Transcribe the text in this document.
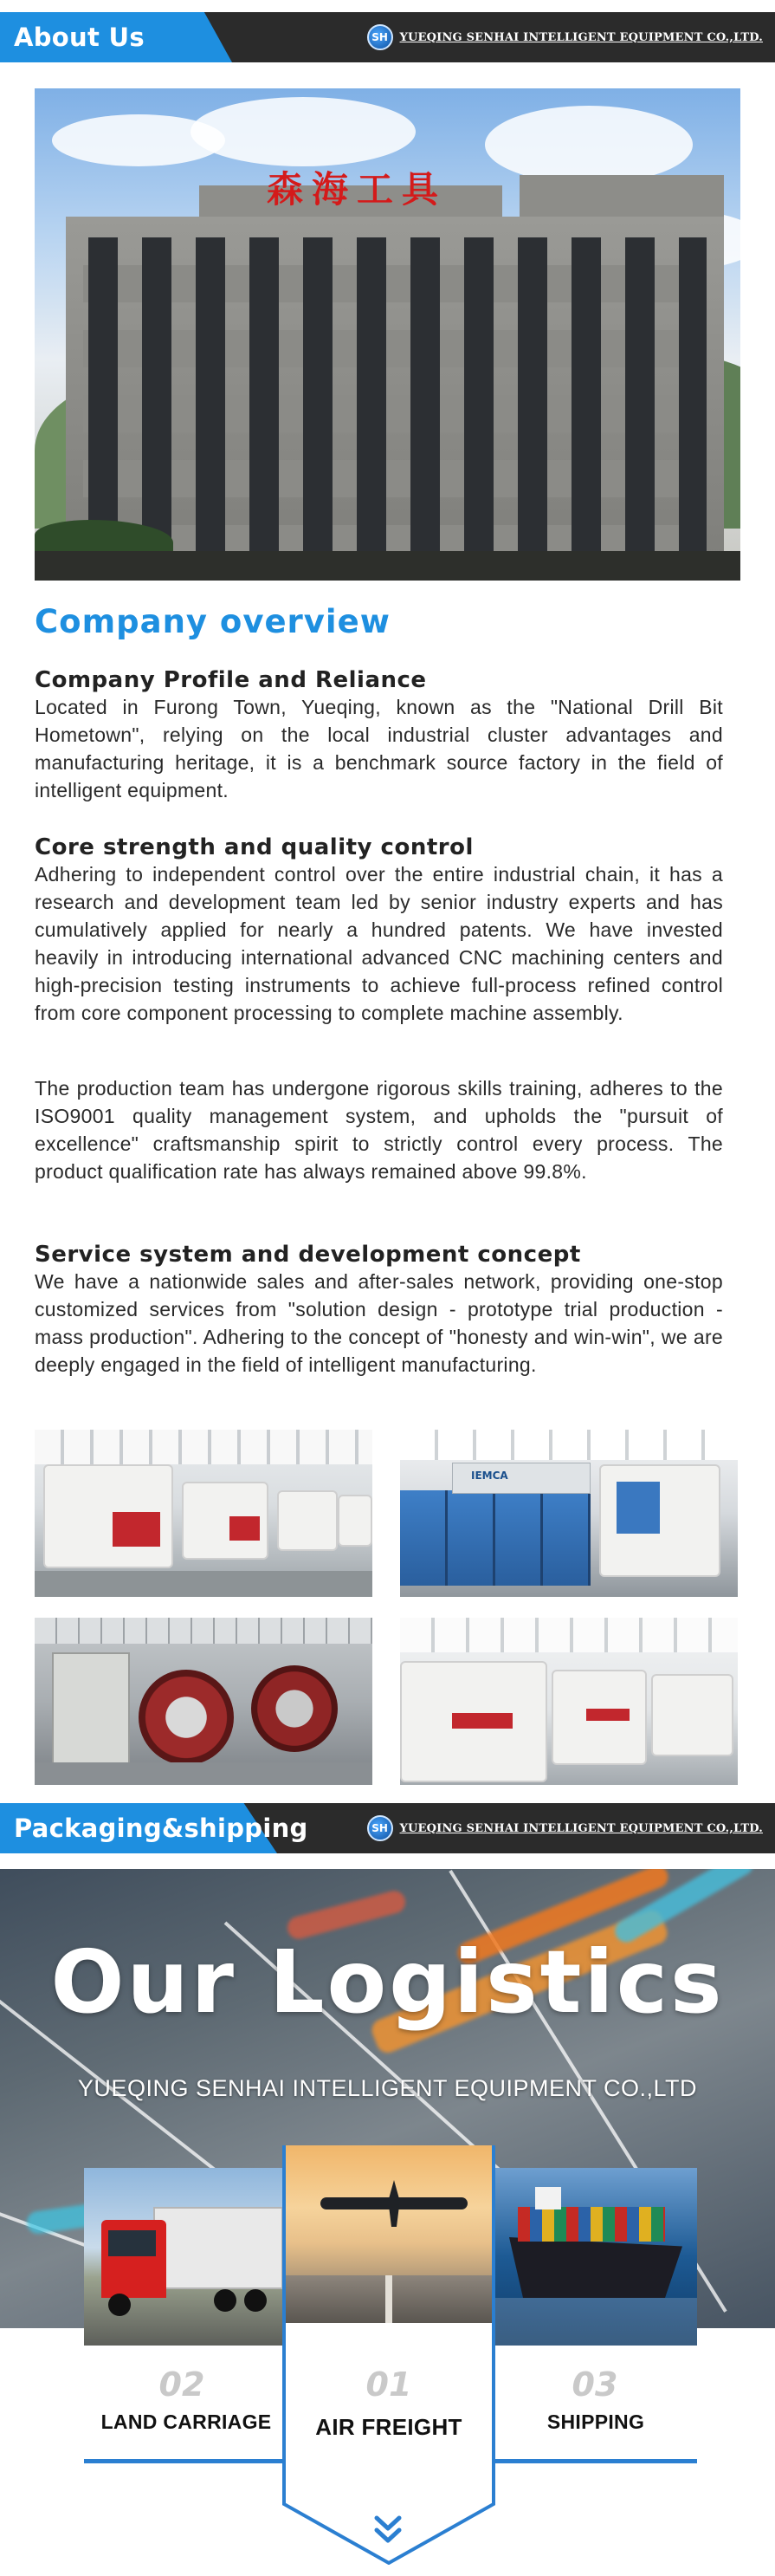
About Us	SH	YUEQING SENHAI INTELLIGENT EQUIPMENT CO.,LTD.
森海工具
Company overview
Company Profile and Reliance
Located in Furong Town, Yueqing, known as the "National Drill Bit Hometown", relying on the local industrial cluster advantages and manufacturing heritage, it is a benchmark source factory in the field of intelligent equipment.
Core strength and quality control
Adhering to independent control over the entire industrial chain, it has a research and development team led by senior industry experts and has cumulatively applied for nearly a hundred patents. We have invested heavily in introducing international advanced CNC machining centers and high-precision testing instruments to achieve full-process refined control from core component processing to complete machine assembly.
The production team has undergone rigorous skills training, adheres to the ISO9001 quality management system, and upholds the "pursuit of excellence" craftsmanship spirit to strictly control every process. The product qualification rate has always remained above 99.8%.
Service system and development concept
We have a nationwide sales and after-sales network, providing one-stop customized services from "solution design - prototype trial production - mass production". Adhering to the concept of "honesty and win-win", we are deeply engaged in the field of intelligent manufacturing.
IEMCA
Packaging&shipping	SH	YUEQING SENHAI INTELLIGENT EQUIPMENT CO.,LTD.
Our Logistics
YUEQING SENHAI INTELLIGENT EQUIPMENT CO.,LTD
02
LAND CARRIAGE
01
AIR FREIGHT
03
SHIPPING
